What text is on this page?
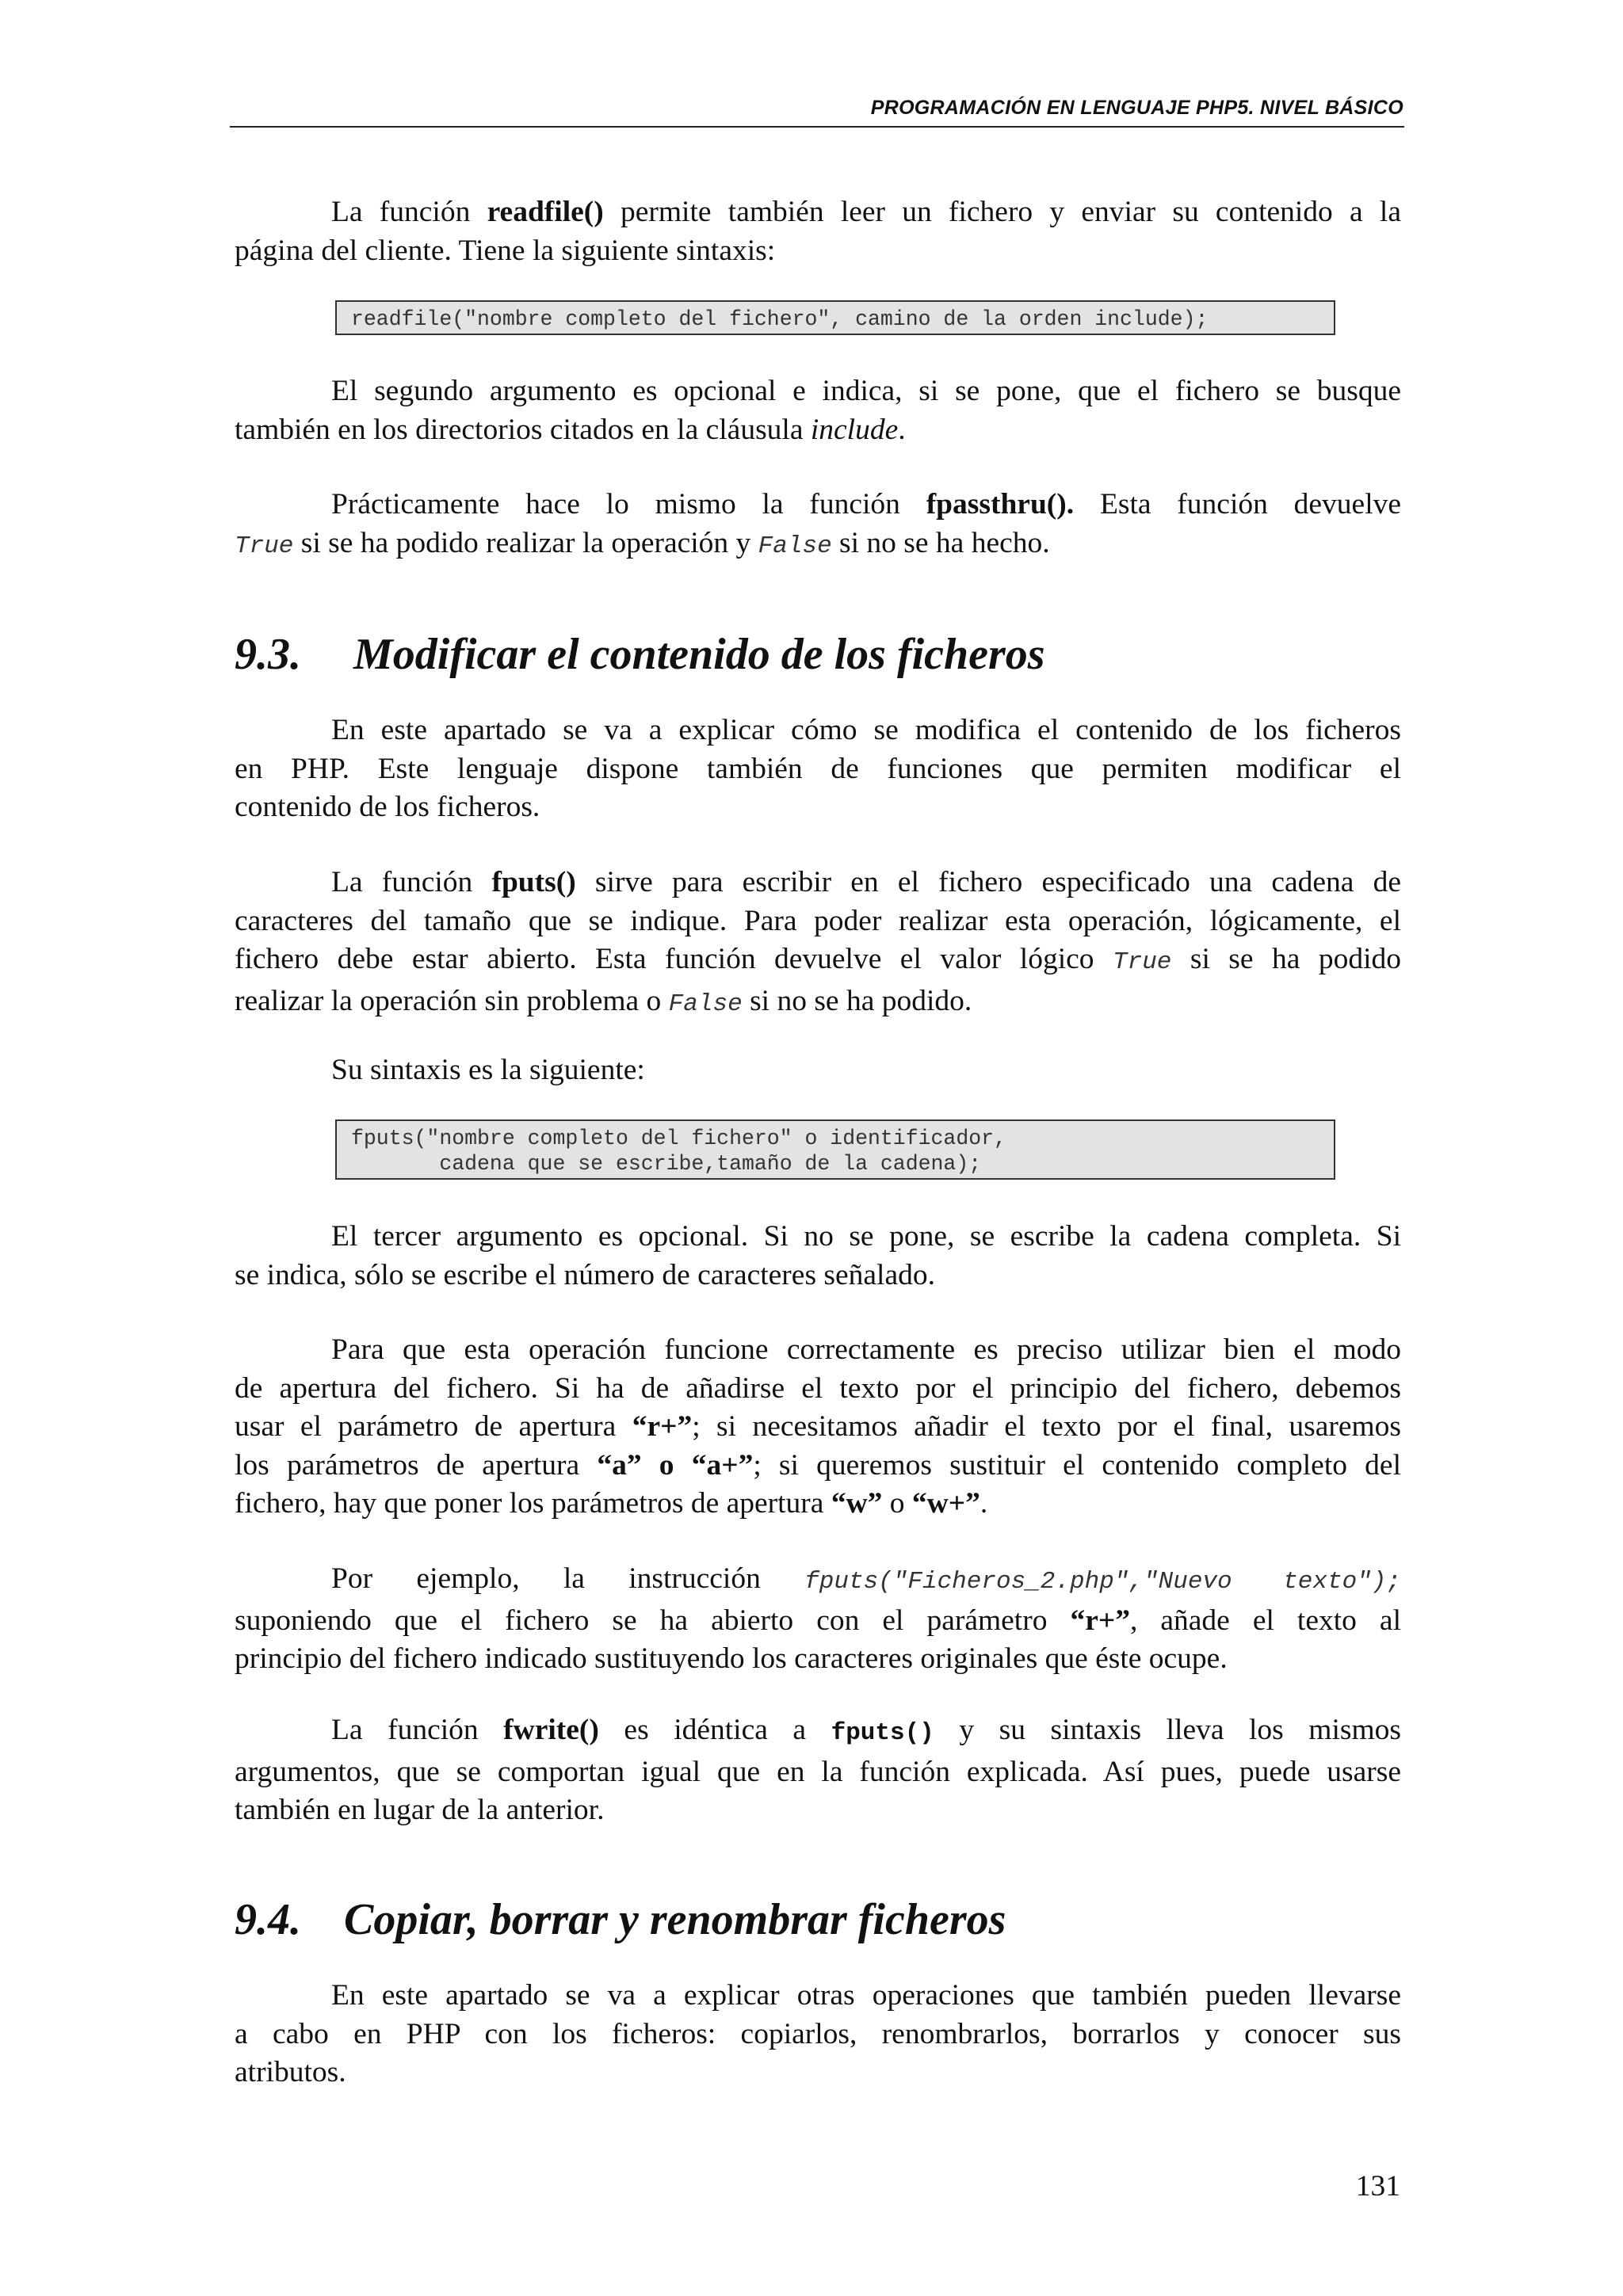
PROGRAMACIÓN EN LENGUAJE PHP5. NIVEL BÁSICO
La función readfile() permite también leer un fichero y enviar su contenido a la
página del cliente. Tiene la siguiente sintaxis:
readfile("nombre completo del fichero", camino de la orden include);
El segundo argumento es opcional e indica, si se pone, que el fichero se busque
también en los directorios citados en la cláusula include.
Prácticamente hace lo mismo la función fpassthru(). Esta función devuelve
True si se ha podido realizar la operación y False si no se ha hecho.
9.3. Modificar el contenido de los ficheros
En este apartado se va a explicar cómo se modifica el contenido de los ficheros
en PHP. Este lenguaje dispone también de funciones que permiten modificar el
contenido de los ficheros.
La función fputs() sirve para escribir en el fichero especificado una cadena de
caracteres del tamaño que se indique. Para poder realizar esta operación, lógicamente, el
fichero debe estar abierto. Esta función devuelve el valor lógico True si se ha podido
realizar la operación sin problema o False si no se ha podido.
Su sintaxis es la siguiente:
fputs("nombre completo del fichero" o identificador,
cadena que se escribe,tamaño de la cadena);
El tercer argumento es opcional. Si no se pone, se escribe la cadena completa. Si
se indica, sólo se escribe el número de caracteres señalado.
Para que esta operación funcione correctamente es preciso utilizar bien el modo
de apertura del fichero. Si ha de añadirse el texto por el principio del fichero, debemos
usar el parámetro de apertura “r+”; si necesitamos añadir el texto por el final, usaremos
los parámetros de apertura “a” o “a+”; si queremos sustituir el contenido completo del
fichero, hay que poner los parámetros de apertura “w” o “w+”.
Por ejemplo, la instrucción fputs("Ficheros_2.php","Nuevo texto");
suponiendo que el fichero se ha abierto con el parámetro “r+”, añade el texto al
principio del fichero indicado sustituyendo los caracteres originales que éste ocupe.
La función fwrite() es idéntica a fputs() y su sintaxis lleva los mismos
argumentos, que se comportan igual que en la función explicada. Así pues, puede usarse
también en lugar de la anterior.
9.4. Copiar, borrar y renombrar ficheros
En este apartado se va a explicar otras operaciones que también pueden llevarse
a cabo en PHP con los ficheros: copiarlos, renombrarlos, borrarlos y conocer sus
atributos.
131
